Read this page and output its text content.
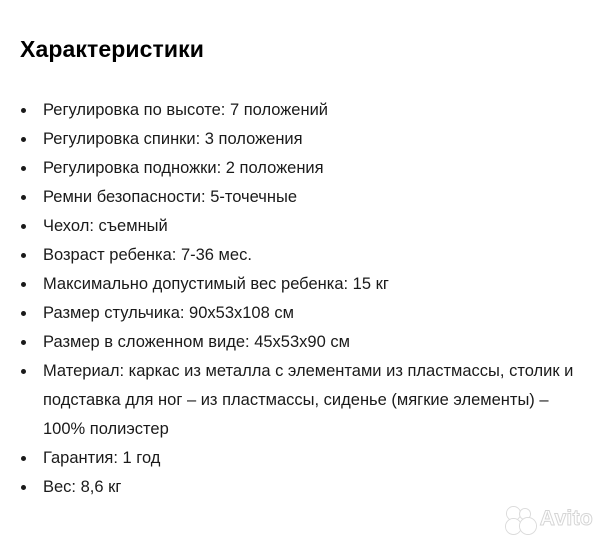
Характеристики
Регулировка по высоте: 7 положений
Регулировка спинки: 3 положения
Регулировка подножки: 2 положения
Ремни безопасности: 5-точечные
Чехол: съемный
Возраст ребенка: 7-36 мес.
Максимально допустимый вес ребенка: 15 кг
Размер стульчика: 90x53x108 см
Размер в сложенном виде: 45x53x90 см
Материал: каркас из металла с элементами из пластмассы, столик и подставка для ног – из пластмассы, сиденье (мягкие элементы) – 100% полиэстер
Гарантия: 1 год
Вес: 8,6 кг
Avito
